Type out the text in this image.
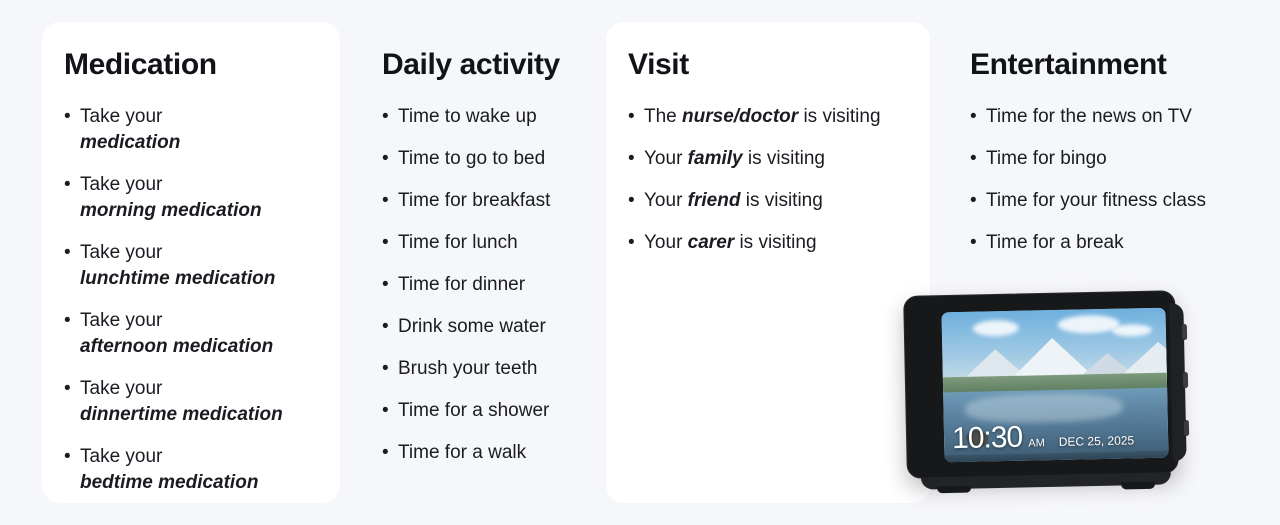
Medication
• Take your
medication
• Take your
morning medication
• Take your
lunchtime medication
• Take your
afternoon medication
• Take your
dinnertime medication
• Take your
bedtime medication
Daily activity
• Time to wake up
• Time to go to bed
• Time for breakfast
• Time for lunch
• Time for dinner
• Drink some water
• Brush your teeth
• Time for a shower
• Time for a walk
Visit
• The nurse/doctor is visiting
• Your family is visiting
• Your friend is visiting
• Your carer is visiting
Entertainment
• Time for the news on TV
• Time for bingo
• Time for your fitness class
• Time for a break
10:30 AM DEC 25, 2025
